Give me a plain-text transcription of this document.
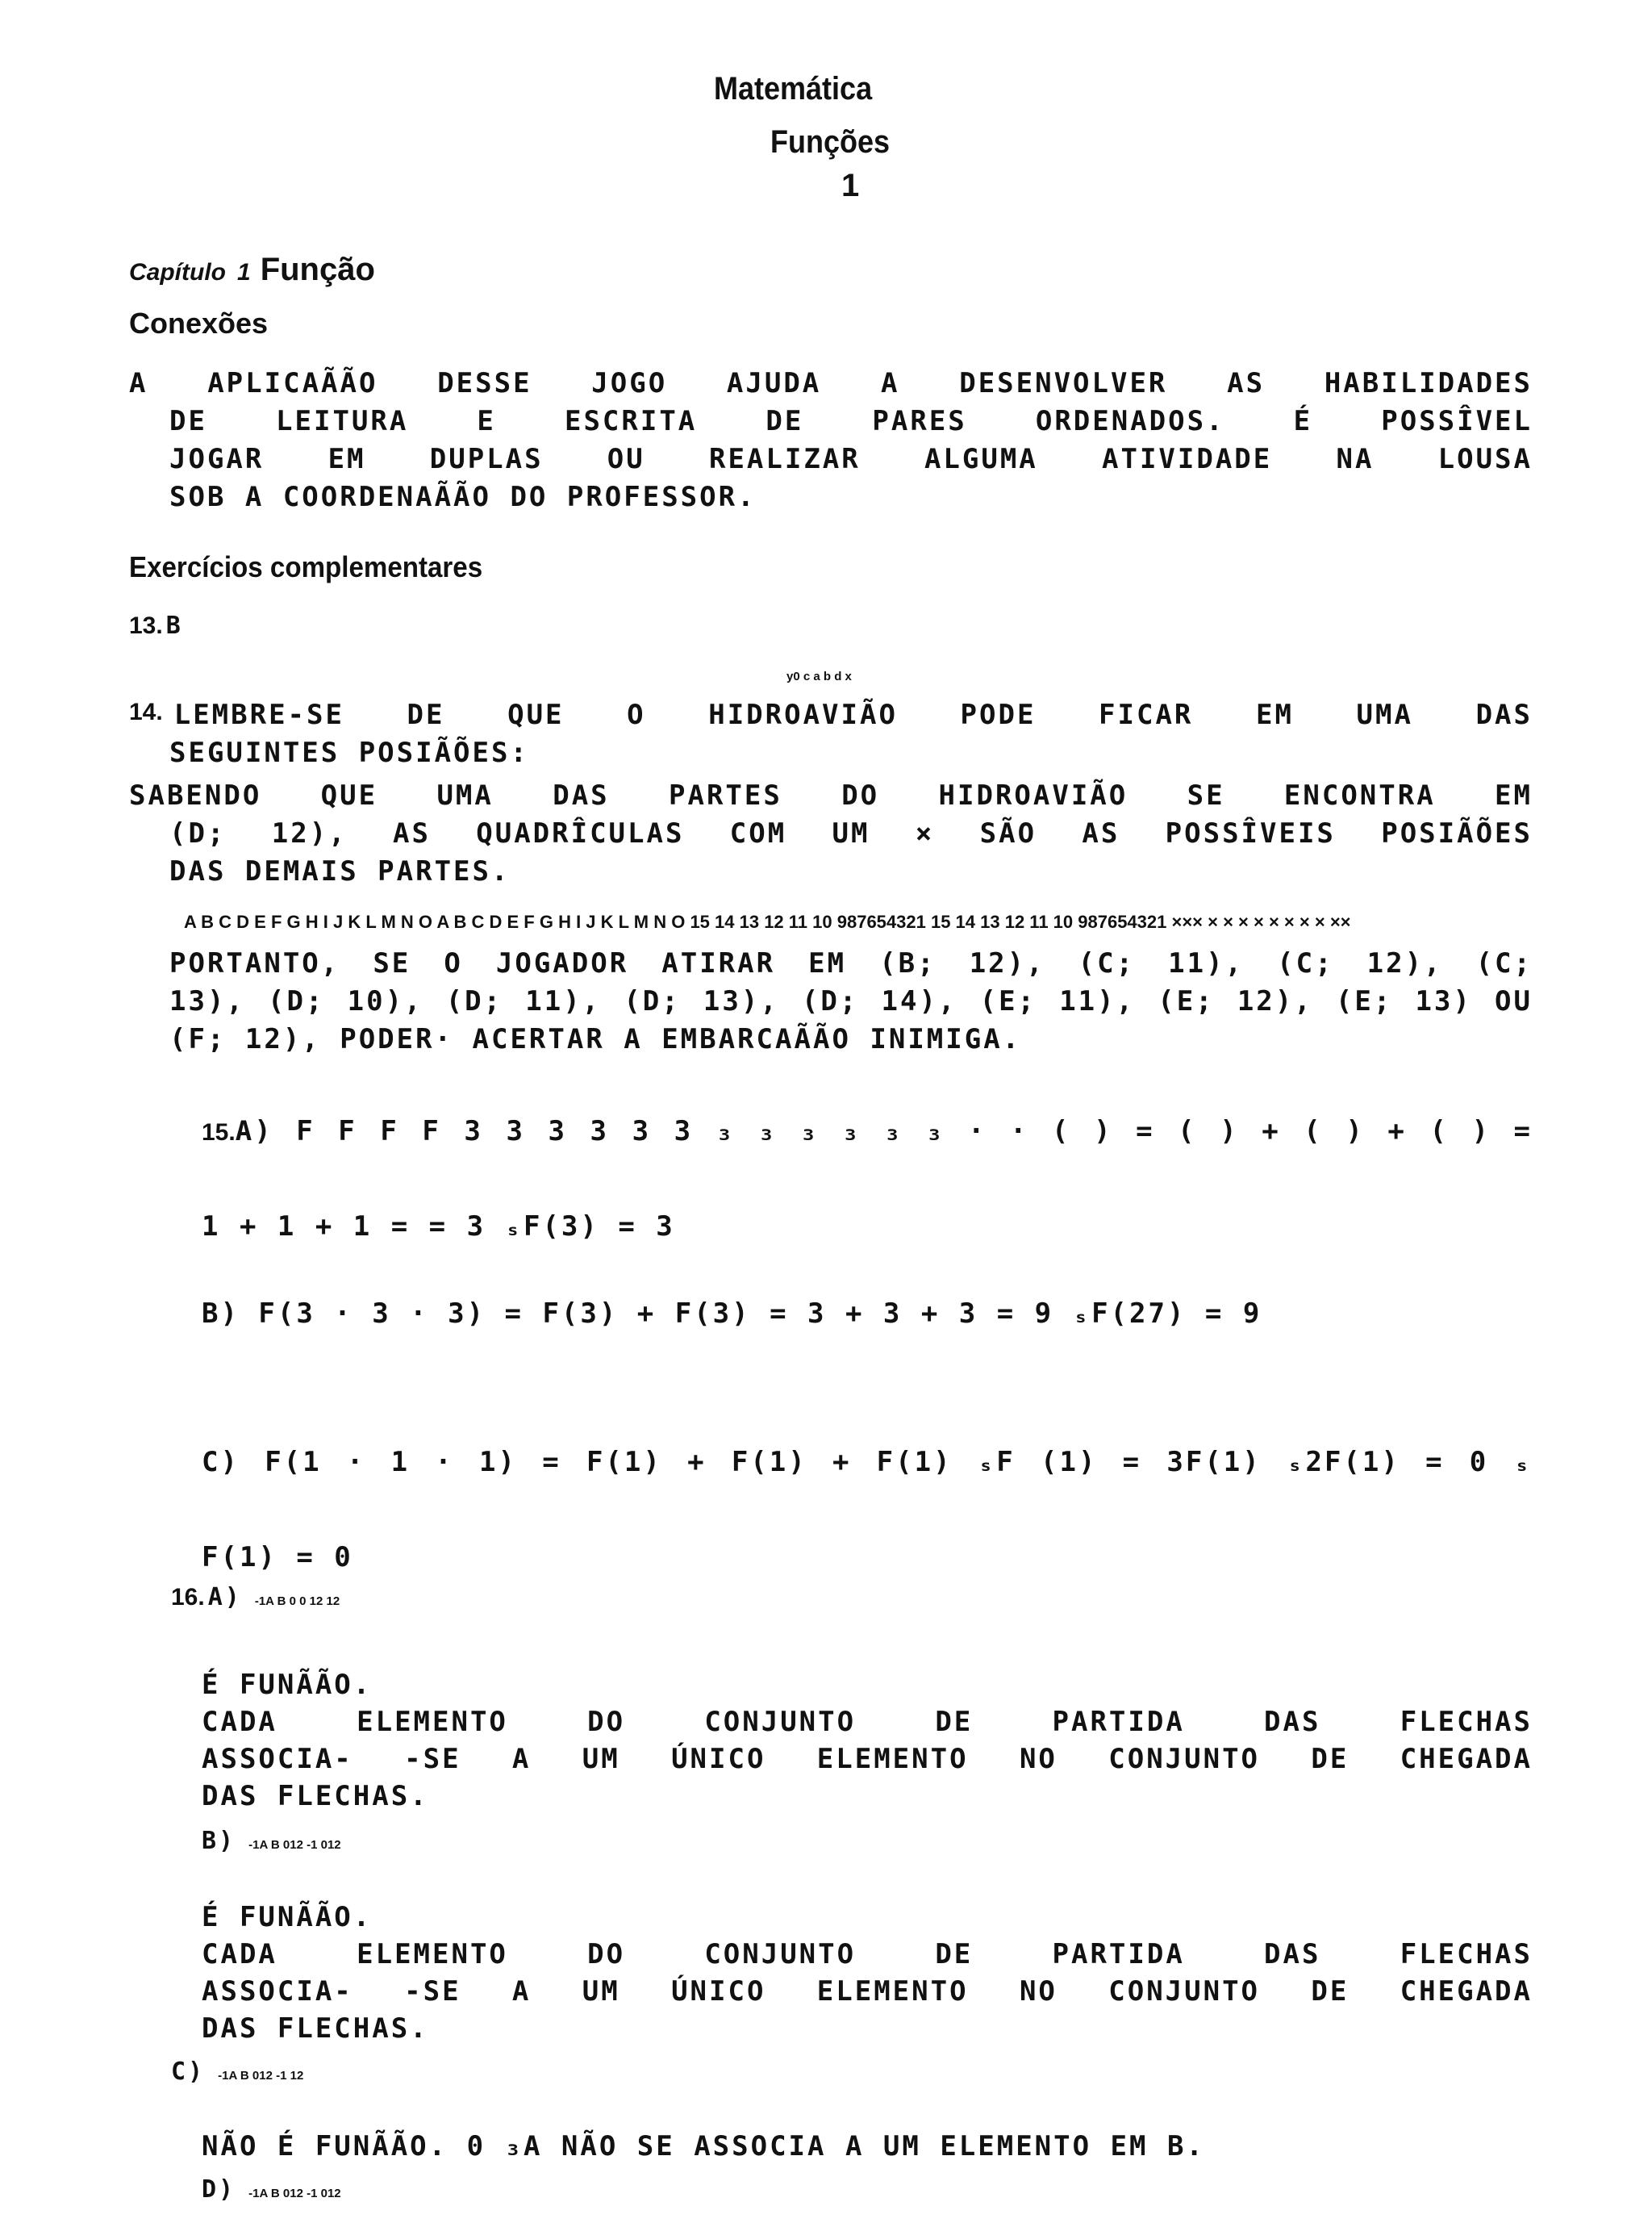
Matemática
Funções
1
Capítulo 1 Função
Conexões
A APLICAÃÃO DESSE JOGO AJUDA A DESENVOLVER AS HABILIDADES
DE LEITURA E ESCRITA DE PARES ORDENADOS. É POSSÎVEL
JOGAR EM DUPLAS OU REALIZAR ALGUMA ATIVIDADE NA LOUSA
SOB A COORDENAÃÃO DO PROFESSOR.
Exercícios complementares
13. B
y0 c a b d x
14. LEMBRE-SE DE QUE O HIDROAVIÃO PODE FICAR EM UMA DAS
SEGUINTES POSIÃÕES:
SABENDO QUE UMA DAS PARTES DO HIDROAVIÃO SE ENCONTRA EM
(D; 12), AS QUADRÎCULAS COM UM × SÃO AS POSSÎVEIS POSIÃÕES
DAS DEMAIS PARTES.
A B C D E F G H I J K L M N O A B C D E F G H I J K L M N O 15 14 13 12 11 10 987654321 15 14 13 12 11 10 987654321 ××× × × × × × × × × ××
PORTANTO, SE O JOGADOR ATIRAR EM (B; 12), (C; 11), (C; 12), (C;
13), (D; 10), (D; 11), (D; 13), (D; 14), (E; 11), (E; 12), (E; 13) OU
(F; 12), PODER· ACERTAR A EMBARCAÃÃO INIMIGA.
15. A) F F F F 3 3 3 3 3 3 ₃ ₃ ₃ ₃ ₃ ₃ · · ( ) = ( ) + ( ) + ( ) =
1 + 1 + 1 = = 3 ₛF(3) = 3
B) F(3 · 3 · 3) = F(3) + F(3) = 3 + 3 + 3 = 9 ₛF(27) = 9
C) F(1 · 1 · 1) = F(1) + F(1) + F(1) ₛF (1) = 3F(1) ₛ2F(1) = 0 ₛ
F(1) = 0
16. A) -1A B 0 0 12 12
É FUNÃÃO.
CADA ELEMENTO DO CONJUNTO DE PARTIDA DAS FLECHAS
ASSOCIA- -SE A UM ÚNICO ELEMENTO NO CONJUNTO DE CHEGADA
DAS FLECHAS.
B) -1A B 012 -1 012
É FUNÃÃO.
CADA ELEMENTO DO CONJUNTO DE PARTIDA DAS FLECHAS
ASSOCIA- -SE A UM ÚNICO ELEMENTO NO CONJUNTO DE CHEGADA
DAS FLECHAS.
C) -1A B 012 -1 12
NÃO É FUNÃÃO. 0 ₃A NÃO SE ASSOCIA A UM ELEMENTO EM B.
D) -1A B 012 -1 012
